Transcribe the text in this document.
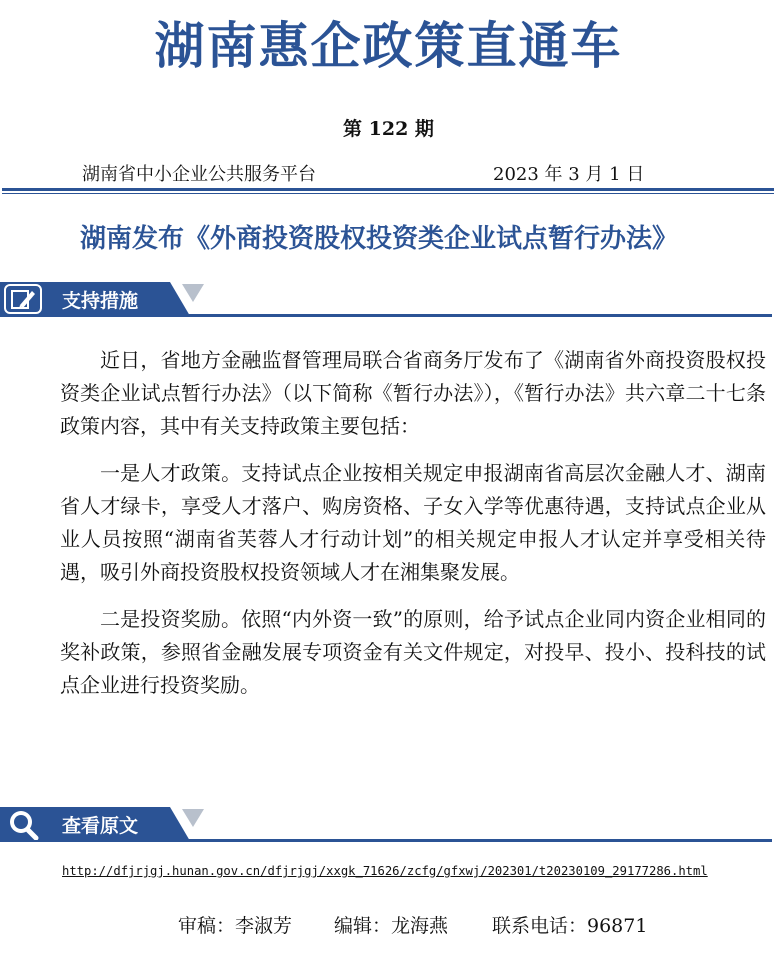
湖南惠企政策直通车
第 122 期
湖南省中小企业公共服务平台	2023 年 3 月 1 日
湖南发布《外商投资股权投资类企业试点暂行办法》
支持措施

近日，省地方金融监督管理局联合省商务厅发布了《湖南省外商投资股权投资类企业试点暂行办法》（以下简称《暂行办法》），《暂行办法》共六章二十七条政策内容，其中有关支持政策主要包括：

一是人才政策。支持试点企业按相关规定申报湖南省高层次金融人才、湖南省人才绿卡，享受人才落户、购房资格、子女入学等优惠待遇，支持试点企业从业人员按照“湖南省芙蓉人才行动计划”的相关规定申报人才认定并享受相关待遇，吸引外商投资股权投资领域人才在湘集聚发展。

二是投资奖励。依照“内外资一致”的原则，给予试点企业同内资企业相同的奖补政策，参照省金融发展专项资金有关文件规定，对投早、投小、投科技的试点企业进行投资奖励。

查看原文
http://dfjrjgj.hunan.gov.cn/dfjrjgj/xxgk_71626/zcfg/gfxwj/202301/t20230109_29177286.html
审稿：李淑芳 编辑：龙海燕 联系电话：96871
